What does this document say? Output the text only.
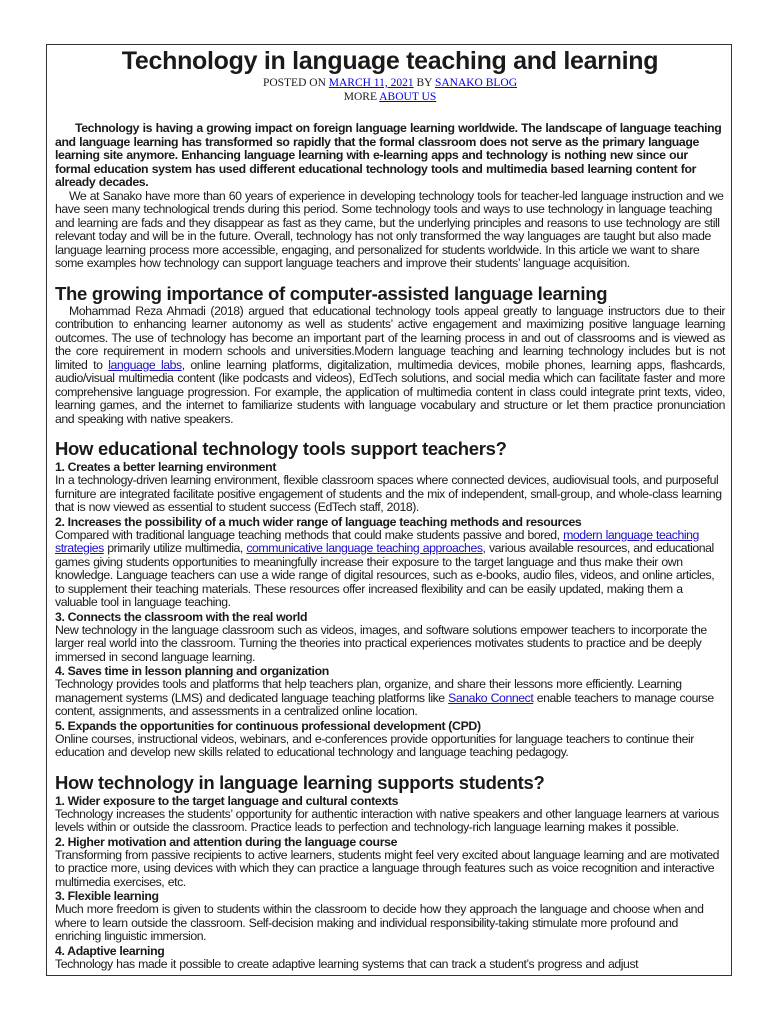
Technology in language teaching and learning
POSTED ON MARCH 11, 2021 BY SANAKO BLOG
MORE ABOUT US

Technology is having a growing impact on foreign language learning worldwide. The landscape of language teaching and language learning has transformed so rapidly that the formal classroom does not serve as the primary language learning site anymore. Enhancing language learning with e-learning apps and technology is nothing new since our formal education system has used different educational technology tools and multimedia based learning content for already decades.

We at Sanako have more than 60 years of experience in developing technology tools for teacher-led language instruction and we have seen many technological trends during this period. Some technology tools and ways to use technology in language teaching and learning are fads and they disappear as fast as they came, but the underlying principles and reasons to use technology are still relevant today and will be in the future. Overall, technology has not only transformed the way languages are taught but also made language learning process more accessible, engaging, and personalized for students worldwide. In this article we want to share some examples how technology can support language teachers and improve their students’ language acquisition.

The growing importance of computer-assisted language learning

Mohammad Reza Ahmadi (2018) argued that educational technology tools appeal greatly to language instructors due to their contribution to enhancing learner autonomy as well as students’ active engagement and maximizing positive language learning outcomes. The use of technology has become an important part of the learning process in and out of classrooms and is viewed as the core requirement in modern schools and universities.Modern language teaching and learning technology includes but is not limited to language labs, online learning platforms, digitalization, multimedia devices, mobile phones, learning apps, flashcards, audio/visual multimedia content (like podcasts and videos), EdTech solutions, and social media which can facilitate faster and more comprehensive language progression. For example, the application of multimedia content in class could integrate print texts, video, learning games, and the internet to familiarize students with language vocabulary and structure or let them practice pronunciation and speaking with native speakers.

How educational technology tools support teachers?
1. Creates a better learning environment

In a technology-driven learning environment, flexible classroom spaces where connected devices, audiovisual tools, and purposeful furniture are integrated facilitate positive engagement of students and the mix of independent, small-group, and whole-class learning that is now viewed as essential to student success (EdTech staff, 2018).

2. Increases the possibility of a much wider range of language teaching methods and resources

Compared with traditional language teaching methods that could make students passive and bored, modern language teaching strategies primarily utilize multimedia, communicative language teaching approaches, various available resources, and educational games giving students opportunities to meaningfully increase their exposure to the target language and thus make their own knowledge. Language teachers can use a wide range of digital resources, such as e-books, audio files, videos, and online articles, to supplement their teaching materials. These resources offer increased flexibility and can be easily updated, making them a valuable tool in language teaching.

3. Connects the classroom with the real world

New technology in the language classroom such as videos, images, and software solutions empower teachers to incorporate the larger real world into the classroom. Turning the theories into practical experiences motivates students to practice and be deeply immersed in second language learning.

4. Saves time in lesson planning and organization

Technology provides tools and platforms that help teachers plan, organize, and share their lessons more efficiently. Learning management systems (LMS) and dedicated language teaching platforms like Sanako Connect enable teachers to manage course content, assignments, and assessments in a centralized online location.

5. Expands the opportunities for continuous professional development (CPD)

Online courses, instructional videos, webinars, and e-conferences provide opportunities for language teachers to continue their education and develop new skills related to educational technology and language teaching pedagogy.

How technology in language learning supports students?
1. Wider exposure to the target language and cultural contexts

Technology increases the students’ opportunity for authentic interaction with native speakers and other language learners at various levels within or outside the classroom. Practice leads to perfection and technology-rich language learning makes it possible.

2. Higher motivation and attention during the language course

Transforming from passive recipients to active learners, students might feel very excited about language learning and are motivated to practice more, using devices with which they can practice a language through features such as voice recognition and interactive multimedia exercises, etc.

3. Flexible learning

Much more freedom is given to students within the classroom to decide how they approach the language and choose when and where to learn outside the classroom. Self-decision making and individual responsibility-taking stimulate more profound and enriching linguistic immersion.

4. Adaptive learning

Technology has made it possible to create adaptive learning systems that can track a student’s progress and adjust
